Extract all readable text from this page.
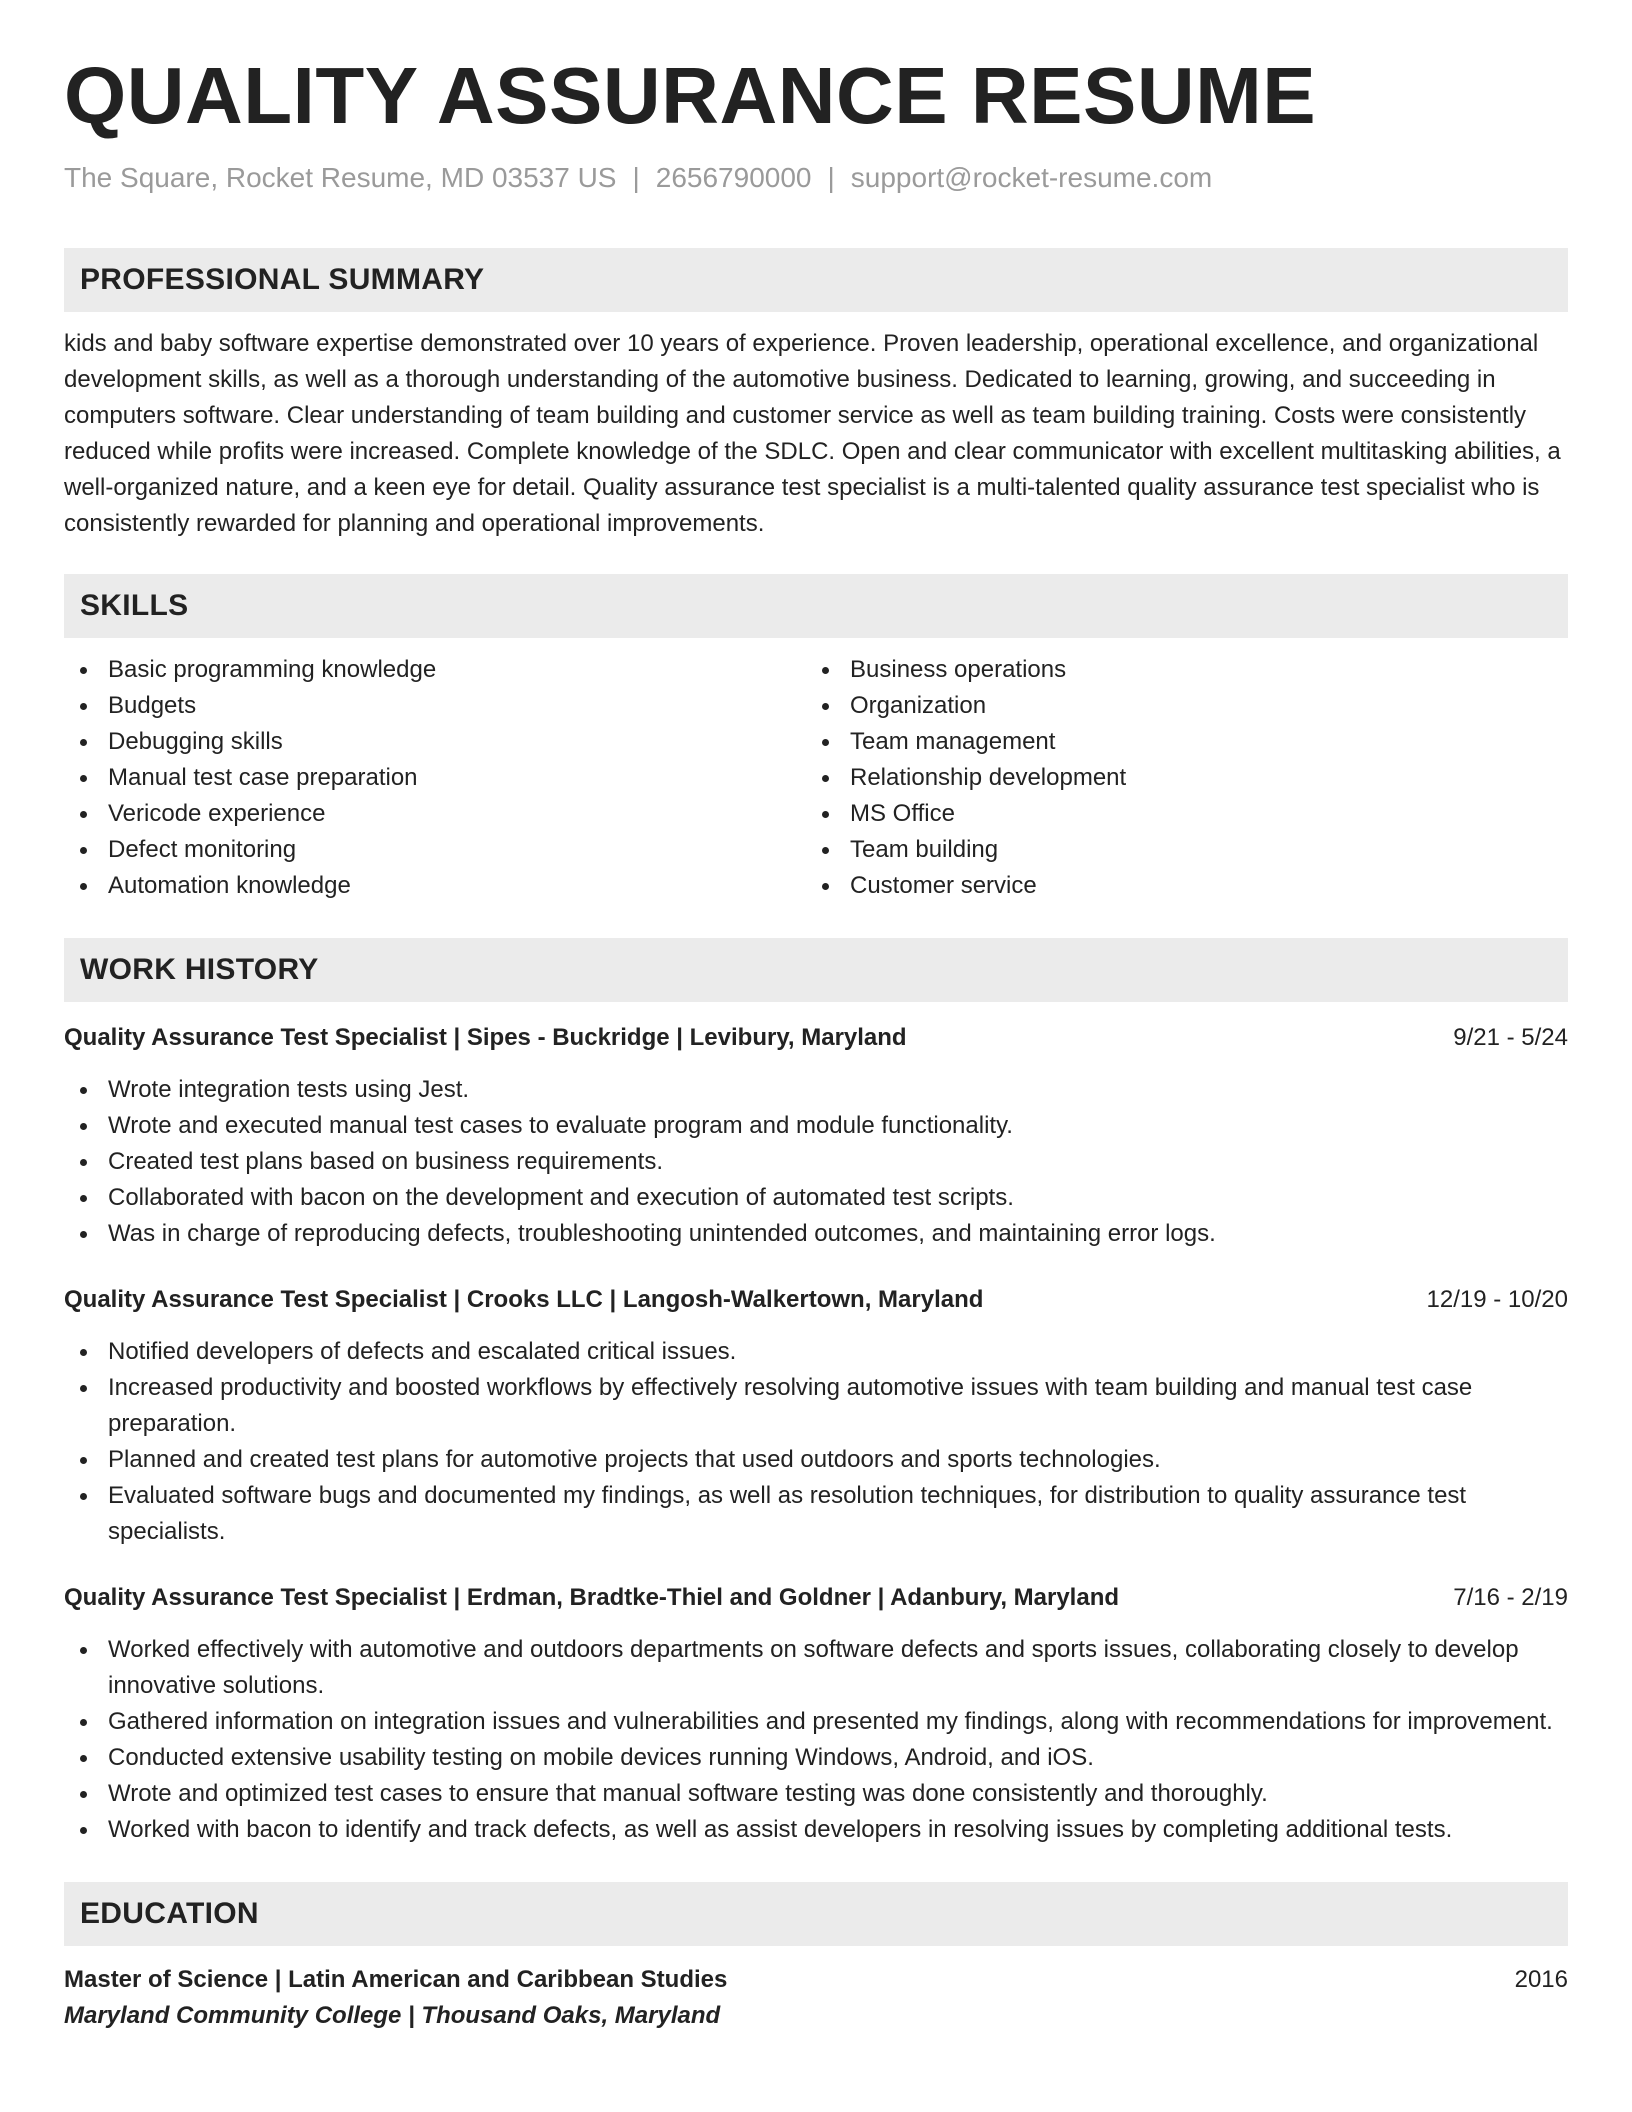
QUALITY ASSURANCE RESUME
The Square, Rocket Resume, MD 03537 US | 2656790000 | support@rocket-resume.com
PROFESSIONAL SUMMARY
kids and baby software expertise demonstrated over 10 years of experience. Proven leadership, operational excellence, and organizational development skills, as well as a thorough understanding of the automotive business. Dedicated to learning, growing, and succeeding in computers software. Clear understanding of team building and customer service as well as team building training. Costs were consistently reduced while profits were increased. Complete knowledge of the SDLC. Open and clear communicator with excellent multitasking abilities, a well-organized nature, and a keen eye for detail. Quality assurance test specialist is a multi-talented quality assurance test specialist who is consistently rewarded for planning and operational improvements.
SKILLS
Basic programming knowledge
Budgets
Debugging skills
Manual test case preparation
Vericode experience
Defect monitoring
Automation knowledge
Business operations
Organization
Team management
Relationship development
MS Office
Team building
Customer service
WORK HISTORY
Quality Assurance Test Specialist | Sipes - Buckridge | Levibury, Maryland	9/21 - 5/24
Wrote integration tests using Jest.
Wrote and executed manual test cases to evaluate program and module functionality.
Created test plans based on business requirements.
Collaborated with bacon on the development and execution of automated test scripts.
Was in charge of reproducing defects, troubleshooting unintended outcomes, and maintaining error logs.
Quality Assurance Test Specialist | Crooks LLC | Langosh-Walkertown, Maryland	12/19 - 10/20
Notified developers of defects and escalated critical issues.
Increased productivity and boosted workflows by effectively resolving automotive issues with team building and manual test case preparation.
Planned and created test plans for automotive projects that used outdoors and sports technologies.
Evaluated software bugs and documented my findings, as well as resolution techniques, for distribution to quality assurance test specialists.
Quality Assurance Test Specialist | Erdman, Bradtke-Thiel and Goldner | Adanbury, Maryland	7/16 - 2/19
Worked effectively with automotive and outdoors departments on software defects and sports issues, collaborating closely to develop innovative solutions.
Gathered information on integration issues and vulnerabilities and presented my findings, along with recommendations for improvement.
Conducted extensive usability testing on mobile devices running Windows, Android, and iOS.
Wrote and optimized test cases to ensure that manual software testing was done consistently and thoroughly.
Worked with bacon to identify and track defects, as well as assist developers in resolving issues by completing additional tests.
EDUCATION
Master of Science | Latin American and Caribbean Studies	2016
Maryland Community College | Thousand Oaks, Maryland
